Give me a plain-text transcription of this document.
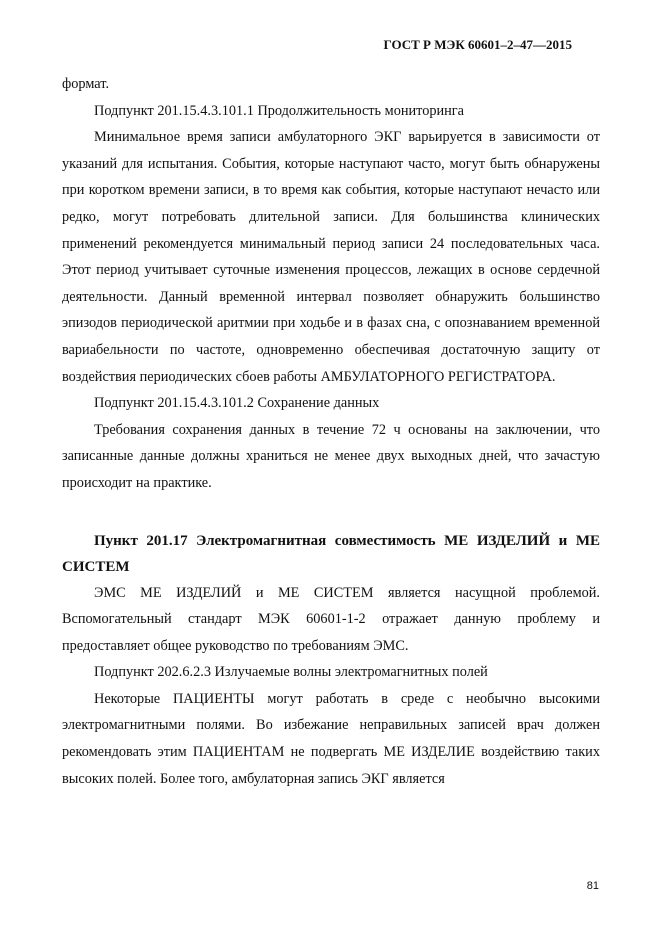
ГОСТ Р МЭК 60601–2–47—2015

формат.

Подпункт 201.15.4.3.101.1 Продолжительность мониторинга

Минимальное время записи амбулаторного ЭКГ варьируется в зависимости от указаний для испытания. События, которые наступают часто, могут быть обнаружены при коротком времени записи, в то время как события, которые наступают нечасто или редко, могут потребовать длительной записи. Для большинства клинических применений рекомендуется минимальный период записи 24 последовательных часа. Этот период учитывает суточные изменения процессов, лежащих в основе сердечной деятельности. Данный временной интервал позволяет обнаружить большинство эпизодов периодической аритмии при ходьбе и в фазах сна, с опознаванием временной вариабельности по частоте, одновременно обеспечивая достаточную защиту от воздействия периодических сбоев работы АМБУЛАТОРНОГО РЕГИСТРАТОРА.

Подпункт 201.15.4.3.101.2 Сохранение данных

Требования сохранения данных в течение 72 ч основаны на заключении, что записанные данные должны храниться не менее двух выходных дней, что зачастую происходит на практике.

Пункт 201.17 Электромагнитная совместимость МЕ ИЗДЕЛИЙ и МЕ СИСТЕМ

ЭМС МЕ ИЗДЕЛИЙ и МЕ СИСТЕМ является насущной проблемой. Вспомогательный стандарт МЭК 60601-1-2 отражает данную проблему и предоставляет общее руководство по требованиям ЭМС.

Подпункт 202.6.2.3 Излучаемые волны электромагнитных полей

Некоторые ПАЦИЕНТЫ могут работать в среде с необычно высокими электромагнитными полями. Во избежание неправильных записей врач должен рекомендовать этим ПАЦИЕНТАМ не подвергать МЕ ИЗДЕЛИЕ воздействию таких высоких полей. Более того, амбулаторная запись ЭКГ является

81
